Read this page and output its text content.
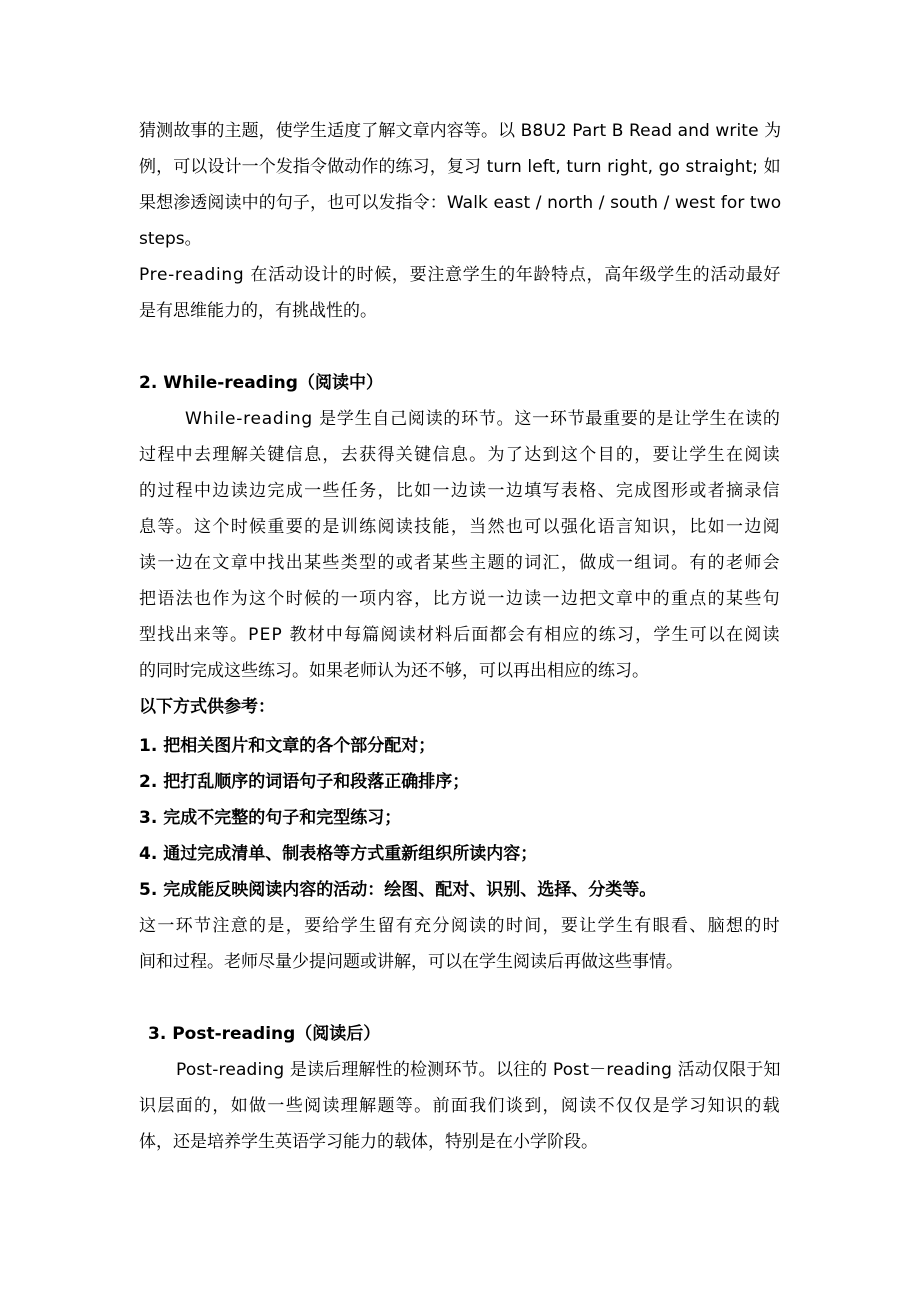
猜测故事的主题，使学生适度了解文章内容等。以 B8U2 Part B Read and write 为
例，可以设计一个发指令做动作的练习，复习 turn left, turn right, go straight; 如
果想渗透阅读中的句子，也可以发指令：Walk east / north / south / west for two
steps。
Pre-reading 在活动设计的时候，要注意学生的年龄特点，高年级学生的活动最好
是有思维能力的，有挑战性的。
2. While-reading（阅读中）
While-reading 是学生自己阅读的环节。这一环节最重要的是让学生在读的
过程中去理解关键信息，去获得关键信息。为了达到这个目的，要让学生在阅读
的过程中边读边完成一些任务，比如一边读一边填写表格、完成图形或者摘录信
息等。这个时候重要的是训练阅读技能，当然也可以强化语言知识，比如一边阅
读一边在文章中找出某些类型的或者某些主题的词汇，做成一组词。有的老师会
把语法也作为这个时候的一项内容，比方说一边读一边把文章中的重点的某些句
型找出来等。PEP 教材中每篇阅读材料后面都会有相应的练习，学生可以在阅读
的同时完成这些练习。如果老师认为还不够，可以再出相应的练习。
以下方式供参考：
1. 把相关图片和文章的各个部分配对；
2. 把打乱顺序的词语句子和段落正确排序；
3. 完成不完整的句子和完型练习；
4. 通过完成清单、制表格等方式重新组织所读内容；
5. 完成能反映阅读内容的活动：绘图、配对、识别、选择、分类等。
这一环节注意的是，要给学生留有充分阅读的时间，要让学生有眼看、脑想的时
间和过程。老师尽量少提问题或讲解，可以在学生阅读后再做这些事情。
3. Post-reading（阅读后）
Post-reading 是读后理解性的检测环节。以往的 Post－reading 活动仅限于知
识层面的，如做一些阅读理解题等。前面我们谈到，阅读不仅仅是学习知识的载
体，还是培养学生英语学习能力的载体，特别是在小学阶段。
